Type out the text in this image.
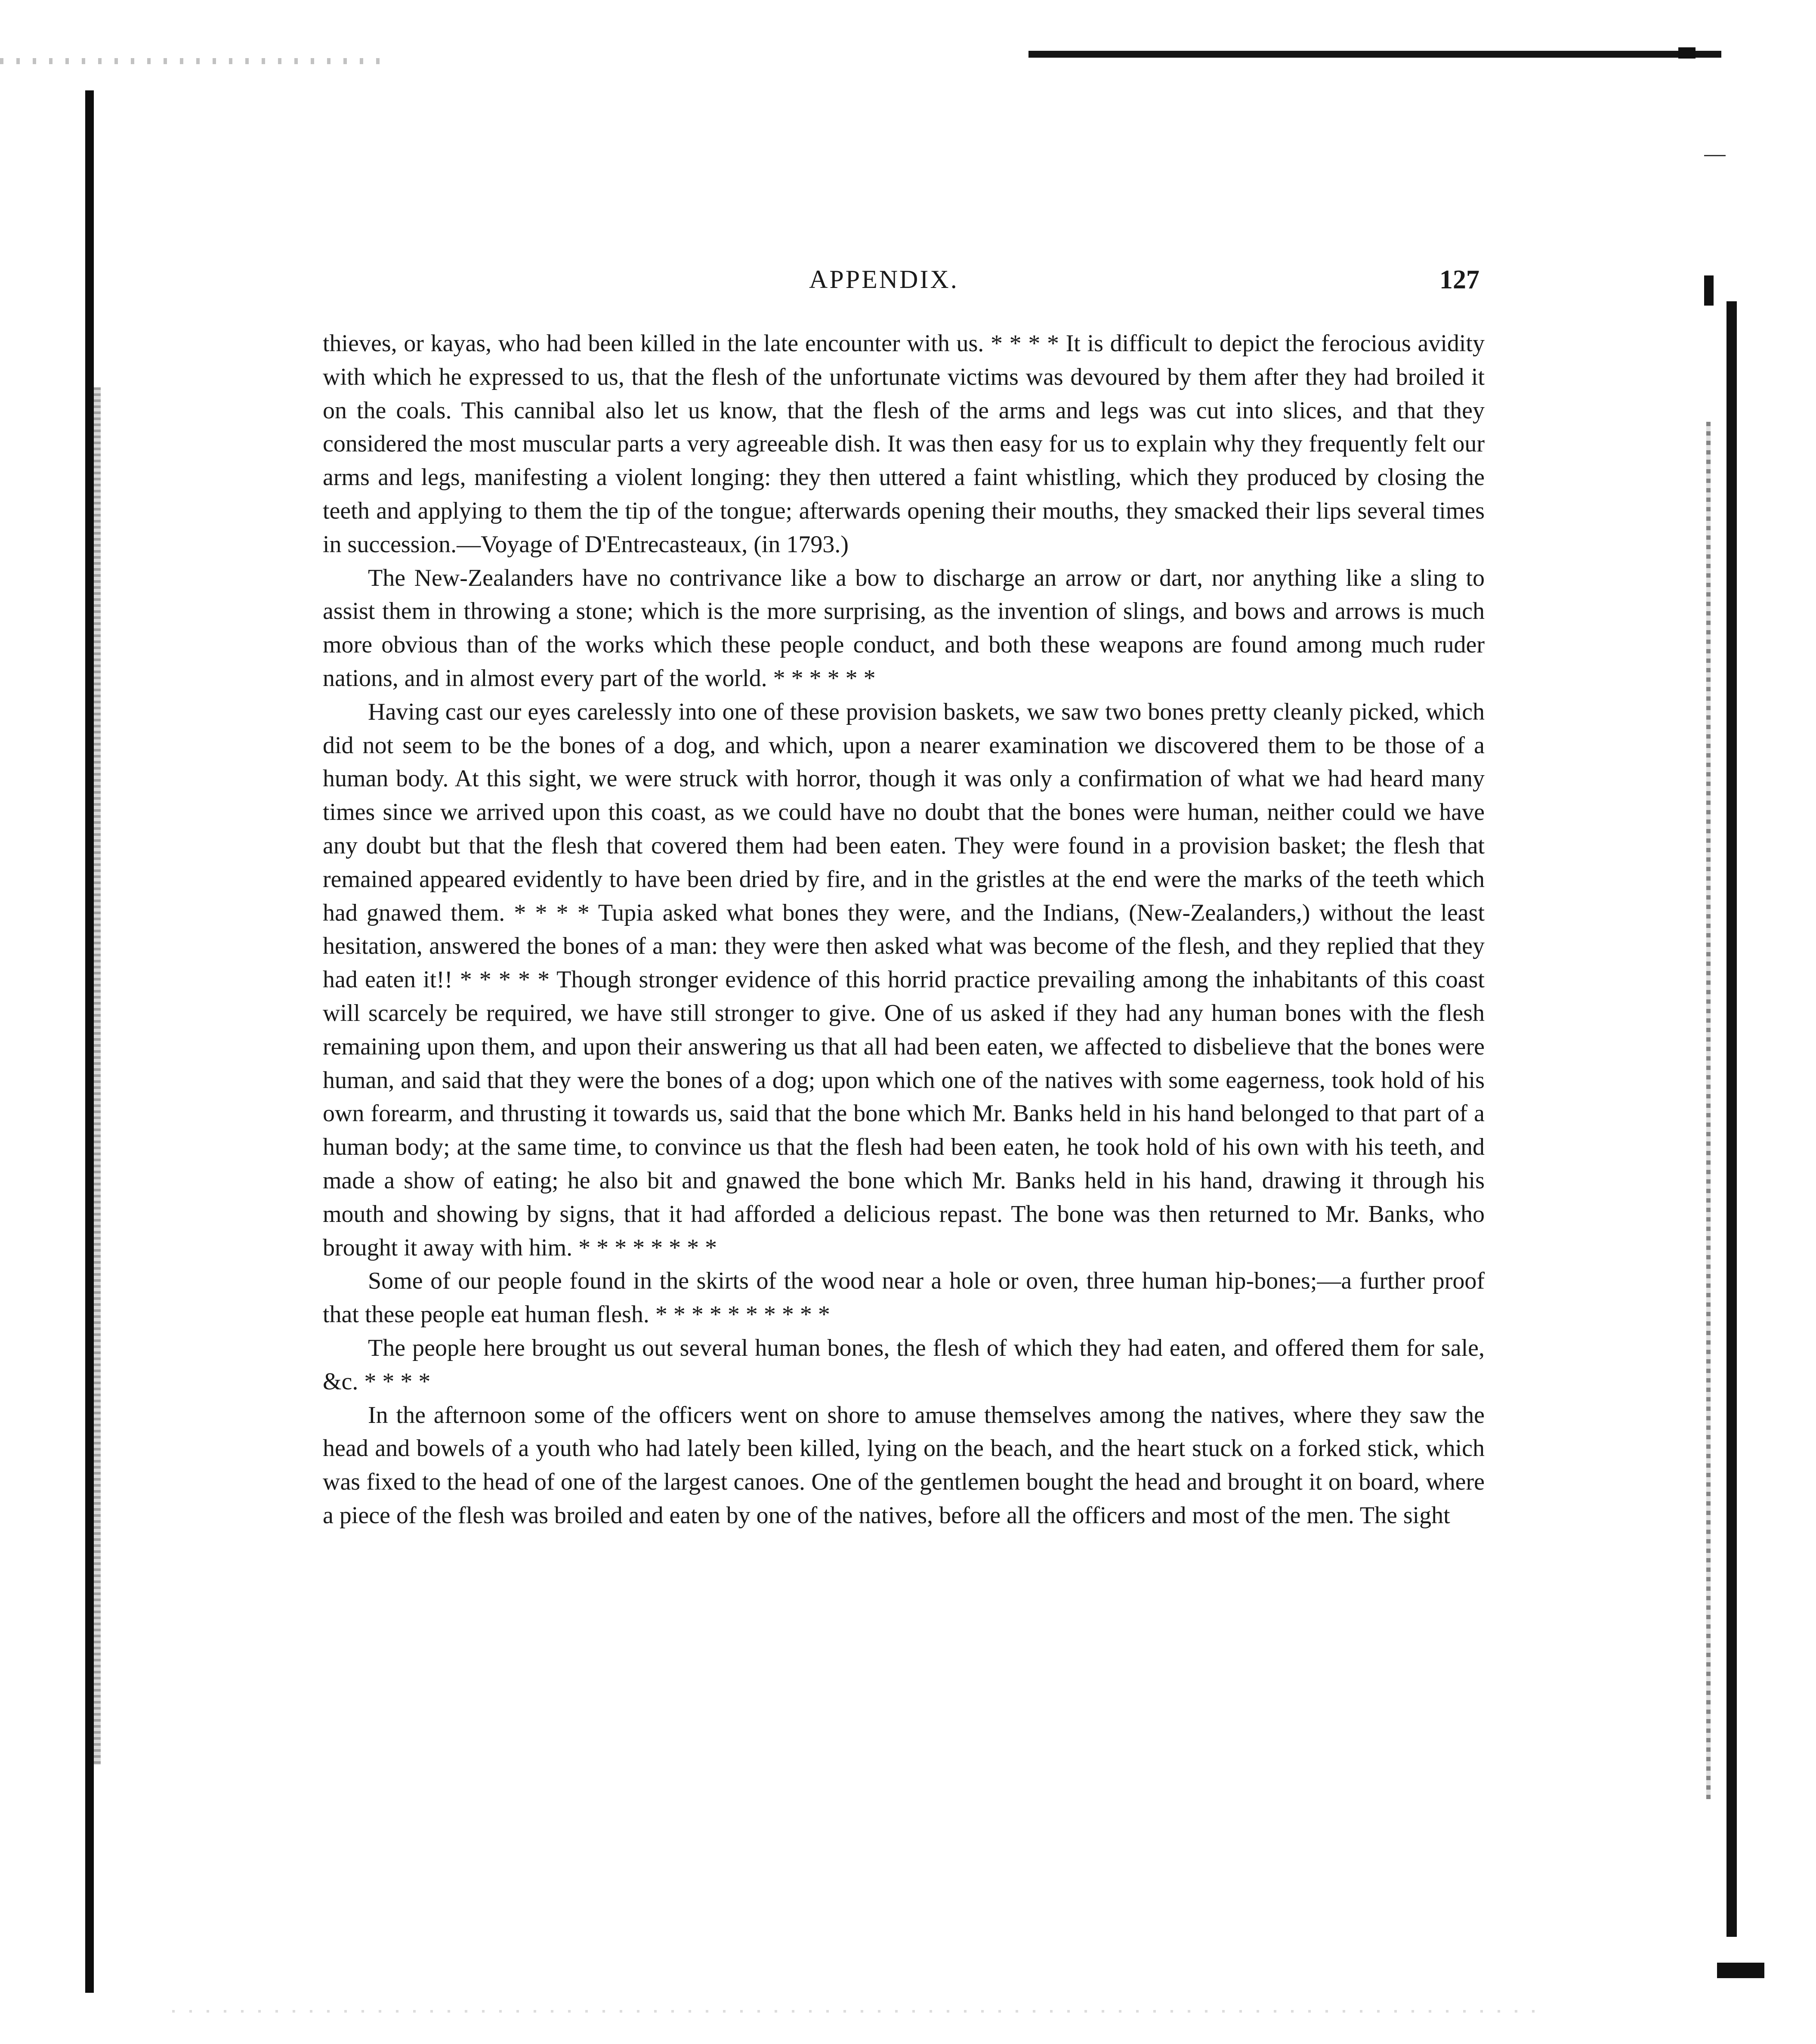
APPENDIX.	127

thieves, or kayas, who had been killed in the late encounter with us. * * * * It is difficult to depict the ferocious avidity with which he expressed to us, that the flesh of the unfortunate victims was devoured by them after they had broiled it on the coals. This cannibal also let us know, that the flesh of the arms and legs was cut into slices, and that they considered the most muscular parts a very agreeable dish. It was then easy for us to explain why they frequently felt our arms and legs, manifesting a violent longing: they then uttered a faint whistling, which they produced by closing the teeth and applying to them the tip of the tongue; afterwards opening their mouths, they smacked their lips several times in succession.—Voyage of D'Entrecasteaux, (in 1793.)

The New-Zealanders have no contrivance like a bow to discharge an arrow or dart, nor anything like a sling to assist them in throwing a stone; which is the more surprising, as the invention of slings, and bows and arrows is much more obvious than of the works which these people conduct, and both these weapons are found among much ruder nations, and in almost every part of the world. * * * * * *

Having cast our eyes carelessly into one of these provision baskets, we saw two bones pretty cleanly picked, which did not seem to be the bones of a dog, and which, upon a nearer examination we discovered them to be those of a human body. At this sight, we were struck with horror, though it was only a confirmation of what we had heard many times since we arrived upon this coast, as we could have no doubt that the bones were human, neither could we have any doubt but that the flesh that covered them had been eaten. They were found in a provision basket; the flesh that remained appeared evidently to have been dried by fire, and in the gristles at the end were the marks of the teeth which had gnawed them. * * * * Tupia asked what bones they were, and the Indians, (New-Zealanders,) without the least hesitation, answered the bones of a man: they were then asked what was become of the flesh, and they replied that they had eaten it!! * * * * * Though stronger evidence of this horrid practice prevailing among the inhabitants of this coast will scarcely be required, we have still stronger to give. One of us asked if they had any human bones with the flesh remaining upon them, and upon their answering us that all had been eaten, we affected to disbelieve that the bones were human, and said that they were the bones of a dog; upon which one of the natives with some eagerness, took hold of his own forearm, and thrusting it towards us, said that the bone which Mr. Banks held in his hand belonged to that part of a human body; at the same time, to convince us that the flesh had been eaten, he took hold of his own with his teeth, and made a show of eating; he also bit and gnawed the bone which Mr. Banks held in his hand, drawing it through his mouth and showing by signs, that it had afforded a delicious repast. The bone was then returned to Mr. Banks, who brought it away with him. * * * * * * * *

Some of our people found in the skirts of the wood near a hole or oven, three human hip-bones;—a further proof that these people eat human flesh. * * * * * * * * * *

The people here brought us out several human bones, the flesh of which they had eaten, and offered them for sale, &c. * * * *

In the afternoon some of the officers went on shore to amuse themselves among the natives, where they saw the head and bowels of a youth who had lately been killed, lying on the beach, and the heart stuck on a forked stick, which was fixed to the head of one of the largest canoes. One of the gentlemen bought the head and brought it on board, where a piece of the flesh was broiled and eaten by one of the natives, before all the officers and most of the men. The sight
